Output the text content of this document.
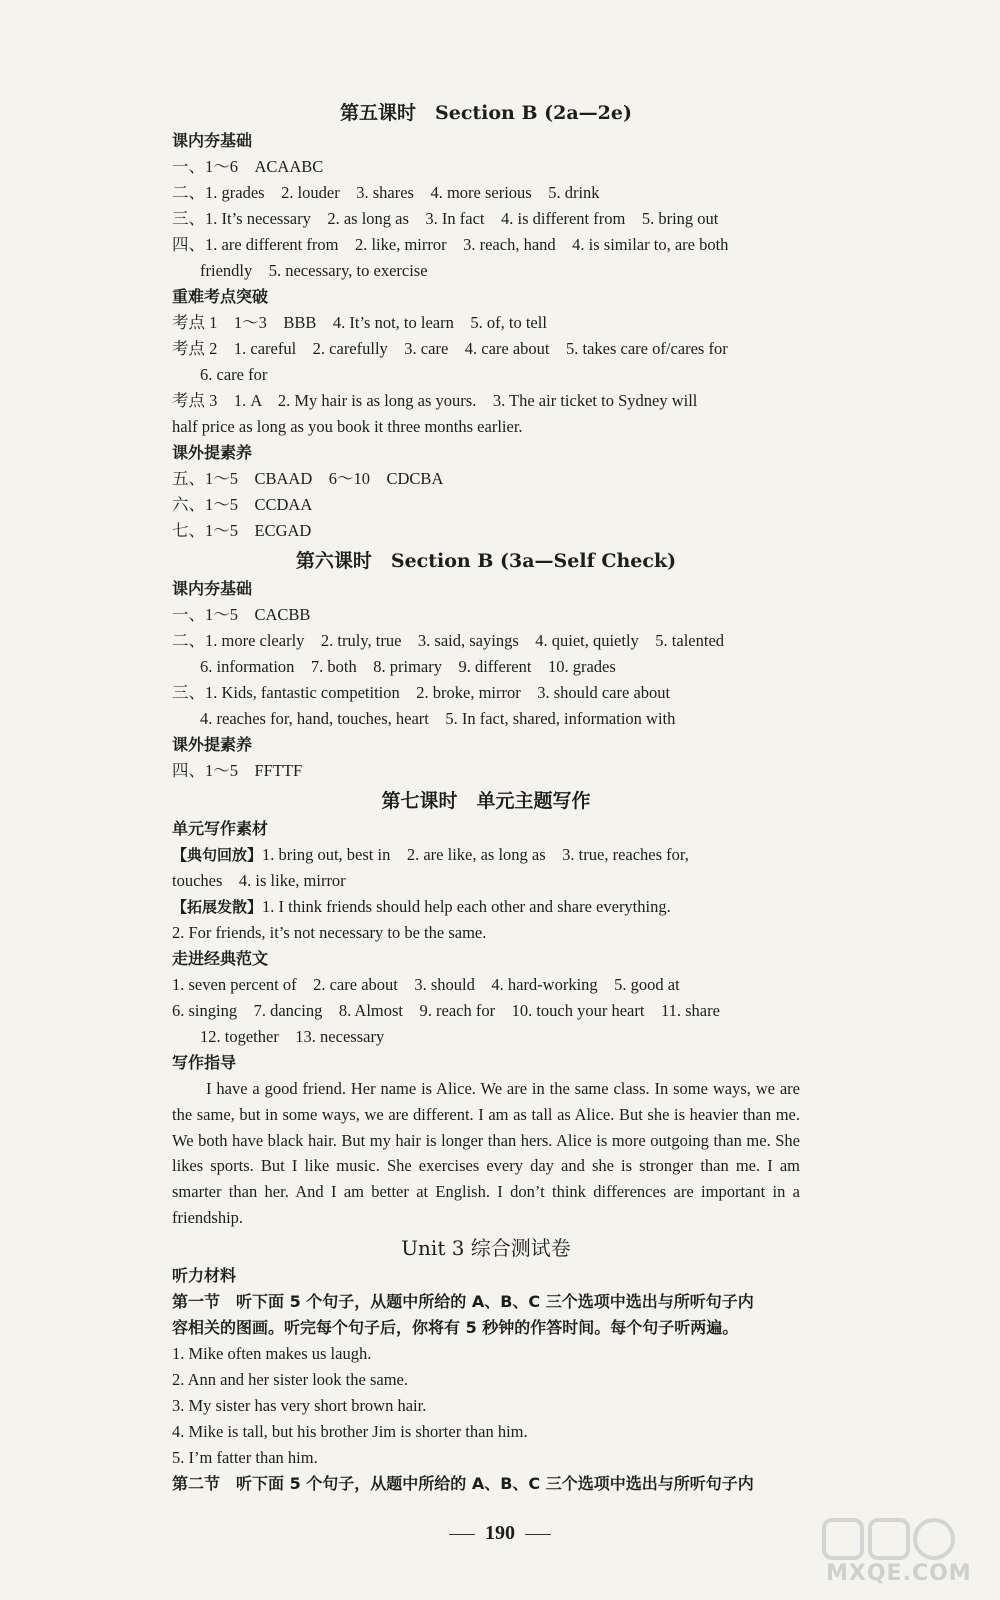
第五课时　Section B (2a—2e)
课内夯基础
一、1～6　ACAABC
二、1. grades　2. louder　3. shares　4. more serious　5. drink
三、1. It’s necessary　2. as long as　3. In fact　4. is different from　5. bring out
四、1. are different from　2. like, mirror　3. reach, hand　4. is similar to, are both
friendly　5. necessary, to exercise
重难考点突破
考点 1　1～3　BBB　4. It’s not, to learn　5. of, to tell
考点 2　1. careful　2. carefully　3. care　4. care about　5. takes care of/cares for
6. care for
考点 3　1. A　2. My hair is as long as yours.　3. The air ticket to Sydney will
half price as long as you book it three months earlier.
课外提素养
五、1～5　CBAAD　6～10　CDCBA
六、1～5　CCDAA
七、1～5　ECGAD
第六课时　Section B (3a—Self Check)
课内夯基础
一、1～5　CACBB
二、1. more clearly　2. truly, true　3. said, sayings　4. quiet, quietly　5. talented
6. information　7. both　8. primary　9. different　10. grades
三、1. Kids, fantastic competition　2. broke, mirror　3. should care about
4. reaches for, hand, touches, heart　5. In fact, shared, information with
课外提素养
四、1～5　FFTTF
第七课时　单元主题写作
单元写作素材
【典句回放】1. bring out, best in　2. are like, as long as　3. true, reaches for,
touches　4. is like, mirror
【拓展发散】1. I think friends should help each other and share everything.
2. For friends, it’s not necessary to be the same.
走进经典范文
1. seven percent of　2. care about　3. should　4. hard-working　5. good at
6. singing　7. dancing　8. Almost　9. reach for　10. touch your heart　11. share
12. together　13. necessary
写作指导
I have a good friend. Her name is Alice. We are in the same class. In some ways, we are the same, but in some ways, we are different. I am as tall as Alice. But she is heavier than me. We both have black hair. But my hair is longer than hers. Alice is more outgoing than me. She likes sports. But I like music. She exercises every day and she is stronger than me. I am smarter than her. And I am better at English. I don’t think differences are important in a friendship.
Unit 3 综合测试卷
听力材料
第一节　听下面 5 个句子，从题中所给的 A、B、C 三个选项中选出与所听句子内
容相关的图画。听完每个句子后，你将有 5 秒钟的作答时间。每个句子听两遍。
1. Mike often makes us laugh.
2. Ann and her sister look the same.
3. My sister has very short brown hair.
4. Mike is tall, but his brother Jim is shorter than him.
5. I’m fatter than him.
第二节　听下面 5 个句子，从题中所给的 A、B、C 三个选项中选出与所听句子内
190
MXQE.COM
